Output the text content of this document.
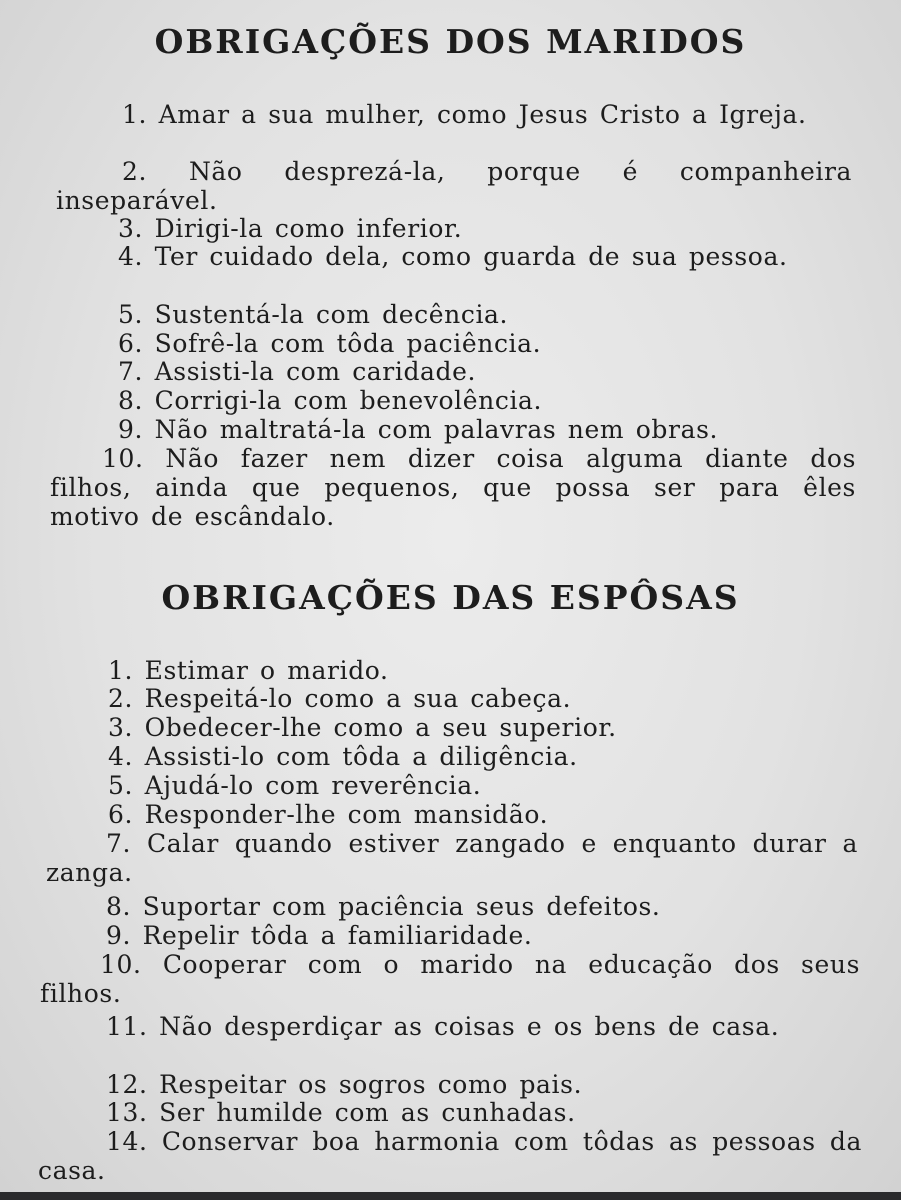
OBRIGAÇÕES DOS MARIDOS

1. Amar a sua mulher, como Jesus Cristo a Igreja.

2. Não desprezá-la, porque é companheira inseparável.

3. Dirigi-la como inferior.

4. Ter cuidado dela, como guarda de sua pessoa.

5. Sustentá-la com decência.

6. Sofrê-la com tôda paciência.

7. Assisti-la com caridade.

8. Corrigi-la com benevolência.

9. Não maltratá-la com palavras nem obras.

10. Não fazer nem dizer coisa alguma diante dos filhos, ainda que pequenos, que possa ser para êles motivo de escândalo.

OBRIGAÇÕES DAS ESPÔSAS

1. Estimar o marido.

2. Respeitá-lo como a sua cabeça.

3. Obedecer-lhe como a seu superior.

4. Assisti-lo com tôda a diligência.

5. Ajudá-lo com reverência.

6. Responder-lhe com mansidão.

7. Calar quando estiver zangado e enquanto durar a zanga.

8. Suportar com paciência seus defeitos.

9. Repelir tôda a familiaridade.

10. Cooperar com o marido na educação dos seus filhos.

11. Não desperdiçar as coisas e os bens de casa.

12. Respeitar os sogros como pais.

13. Ser humilde com as cunhadas.

14. Conservar boa harmonia com tôdas as pessoas da casa.
